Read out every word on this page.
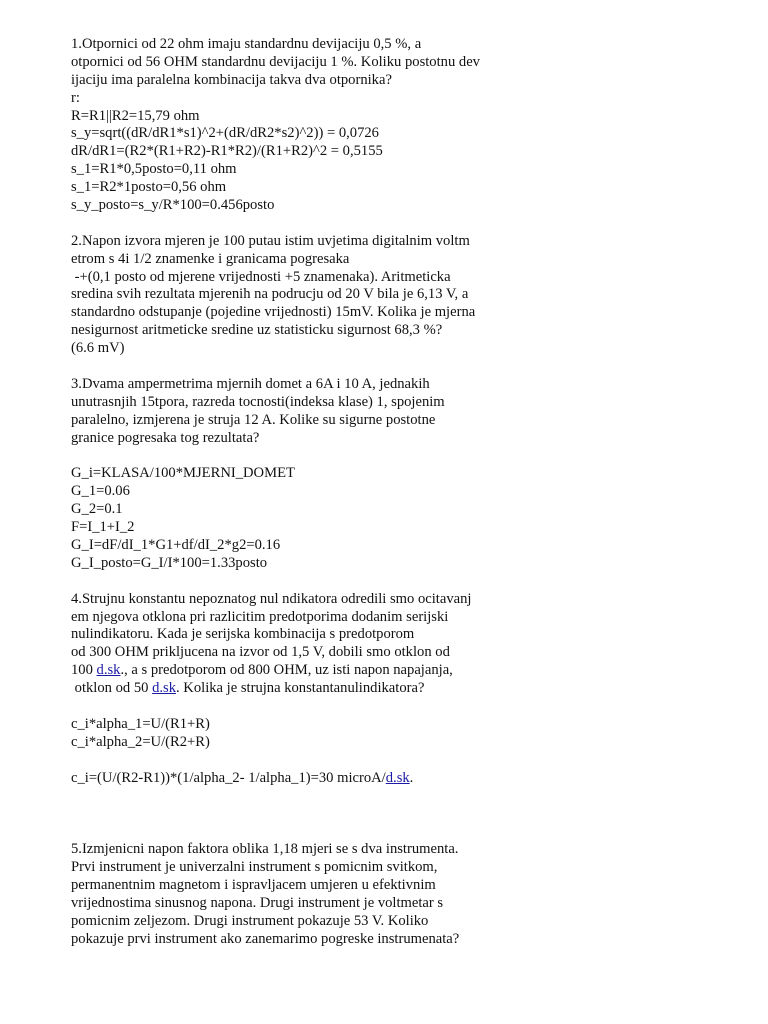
1.Otpornici od 22 ohm imaju standardnu devijaciju 0,5 %, a
otpornici od 56 OHM standardnu devijaciju 1 %. Koliku postotnu dev
ijaciju ima paralelna kombinacija takva dva otpornika?
r:
R=R1||R2=15,79 ohm
s_y=sqrt((dR/dR1*s1)^2+(dR/dR2*s2)^2)) = 0,0726
dR/dR1=(R2*(R1+R2)-R1*R2)/(R1+R2)^2 = 0,5155
s_1=R1*0,5posto=0,11 ohm
s_1=R2*1posto=0,56 ohm
s_y_posto=s_y/R*100=0.456posto
2.Napon izvora mjeren je 100 putau istim uvjetima digitalnim voltm
etrom s 4i 1/2 znamenke i granicama pogresaka
-+(0,1 posto od mjerene vrijednosti +5 znamenaka). Aritmeticka
sredina svih rezultata mjerenih na podrucju od 20 V bila je 6,13 V, a
standardno odstupanje (pojedine vrijednosti) 15mV. Kolika je mjerna
nesigurnost aritmeticke sredine uz statisticku sigurnost 68,3 %?
(6.6 mV)
3.Dvama ampermetrima mjernih domet a 6A i 10 A, jednakih
unutrasnjih 15tpora, razreda tocnosti(indeksa klase) 1, spojenim
paralelno, izmjerena je struja 12 A. Kolike su sigurne postotne
granice pogresaka tog rezultata?
G_i=KLASA/100*MJERNI_DOMET
G_1=0.06
G_2=0.1
F=I_1+I_2
G_I=dF/dI_1*G1+df/dI_2*g2=0.16
G_I_posto=G_I/I*100=1.33posto
4.Strujnu konstantu nepoznatog nul ndikatora odredili smo ocitavanj
em njegova otklona pri razlicitim predotporima dodanim serijski
nulindikatoru. Kada je serijska kombinacija s predotporom
od 300 OHM prikljucena na izvor od 1,5 V, dobili smo otklon od
100 d.sk., a s predotporom od 800 OHM, uz isti napon napajanja,
otklon od 50 d.sk. Kolika je strujna konstantanulindikatora?
c_i*alpha_1=U/(R1+R)
c_i*alpha_2=U/(R2+R)
c_i=(U/(R2-R1))*(1/alpha_2- 1/alpha_1)=30 microA/d.sk.
5.Izmjenicni napon faktora oblika 1,18 mjeri se s dva instrumenta.
Prvi instrument je univerzalni instrument s pomicnim svitkom,
permanentnim magnetom i ispravljacem umjeren u efektivnim
vrijednostima sinusnog napona. Drugi instrument je voltmetar s
pomicnim zeljezom. Drugi instrument pokazuje 53 V. Koliko
pokazuje prvi instrument ako zanemarimo pogreske instrumenata?
